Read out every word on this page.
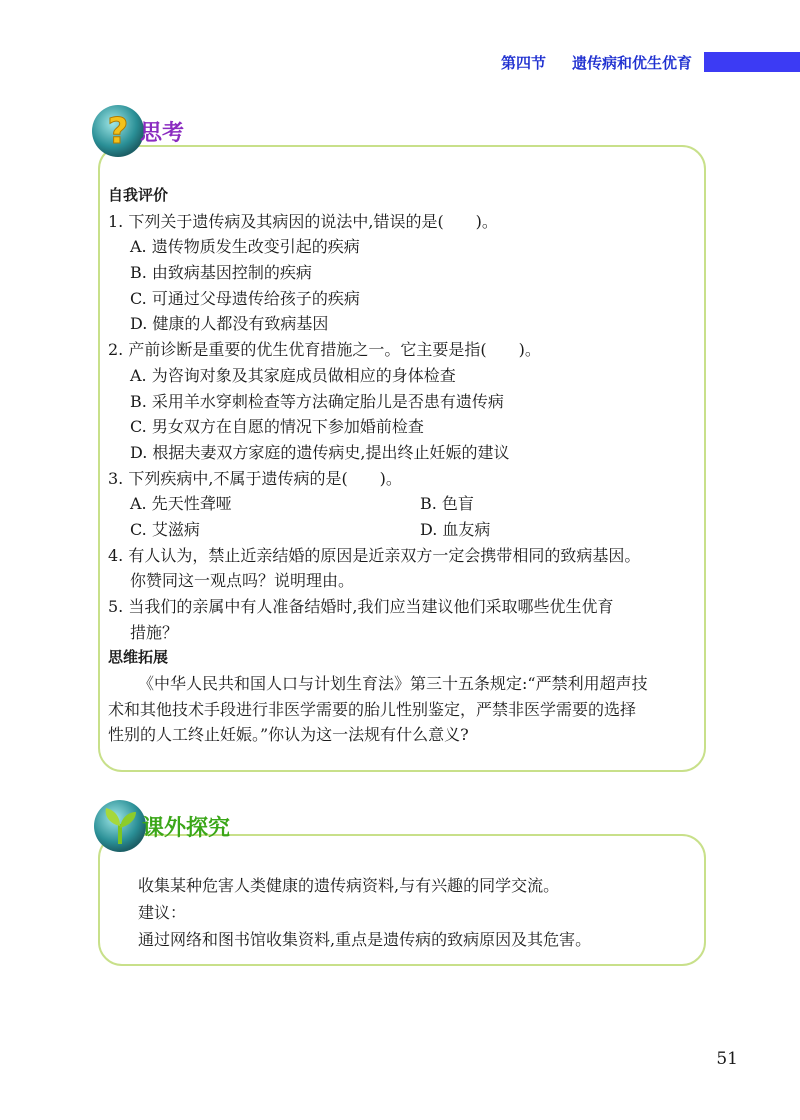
第四节 遗传病和优生优育
? 思考
自我评价
1. 下列关于遗传病及其病因的说法中,错误的是(　　)。
A. 遗传物质发生改变引起的疾病
B. 由致病基因控制的疾病
C. 可通过父母遗传给孩子的疾病
D. 健康的人都没有致病基因
2. 产前诊断是重要的优生优育措施之一。它主要是指(　　)。
A. 为咨询对象及其家庭成员做相应的身体检查
B. 采用羊水穿刺检查等方法确定胎儿是否患有遗传病
C. 男女双方在自愿的情况下参加婚前检查
D. 根据夫妻双方家庭的遗传病史,提出终止妊娠的建议
3. 下列疾病中,不属于遗传病的是(　　)。
A. 先天性聋哑	B. 色盲
C. 艾滋病	D. 血友病
4. 有人认为，禁止近亲结婚的原因是近亲双方一定会携带相同的致病基因。
你赞同这一观点吗？说明理由。
5. 当我们的亲属中有人准备结婚时,我们应当建议他们采取哪些优生优育
措施？
思维拓展
《中华人民共和国人口与计划生育法》第三十五条规定:“严禁利用超声技
术和其他技术手段进行非医学需要的胎儿性别鉴定，严禁非医学需要的选择
性别的人工终止妊娠。”你认为这一法规有什么意义?
课外探究
收集某种危害人类健康的遗传病资料,与有兴趣的同学交流。
建议：
通过网络和图书馆收集资料,重点是遗传病的致病原因及其危害。
51
